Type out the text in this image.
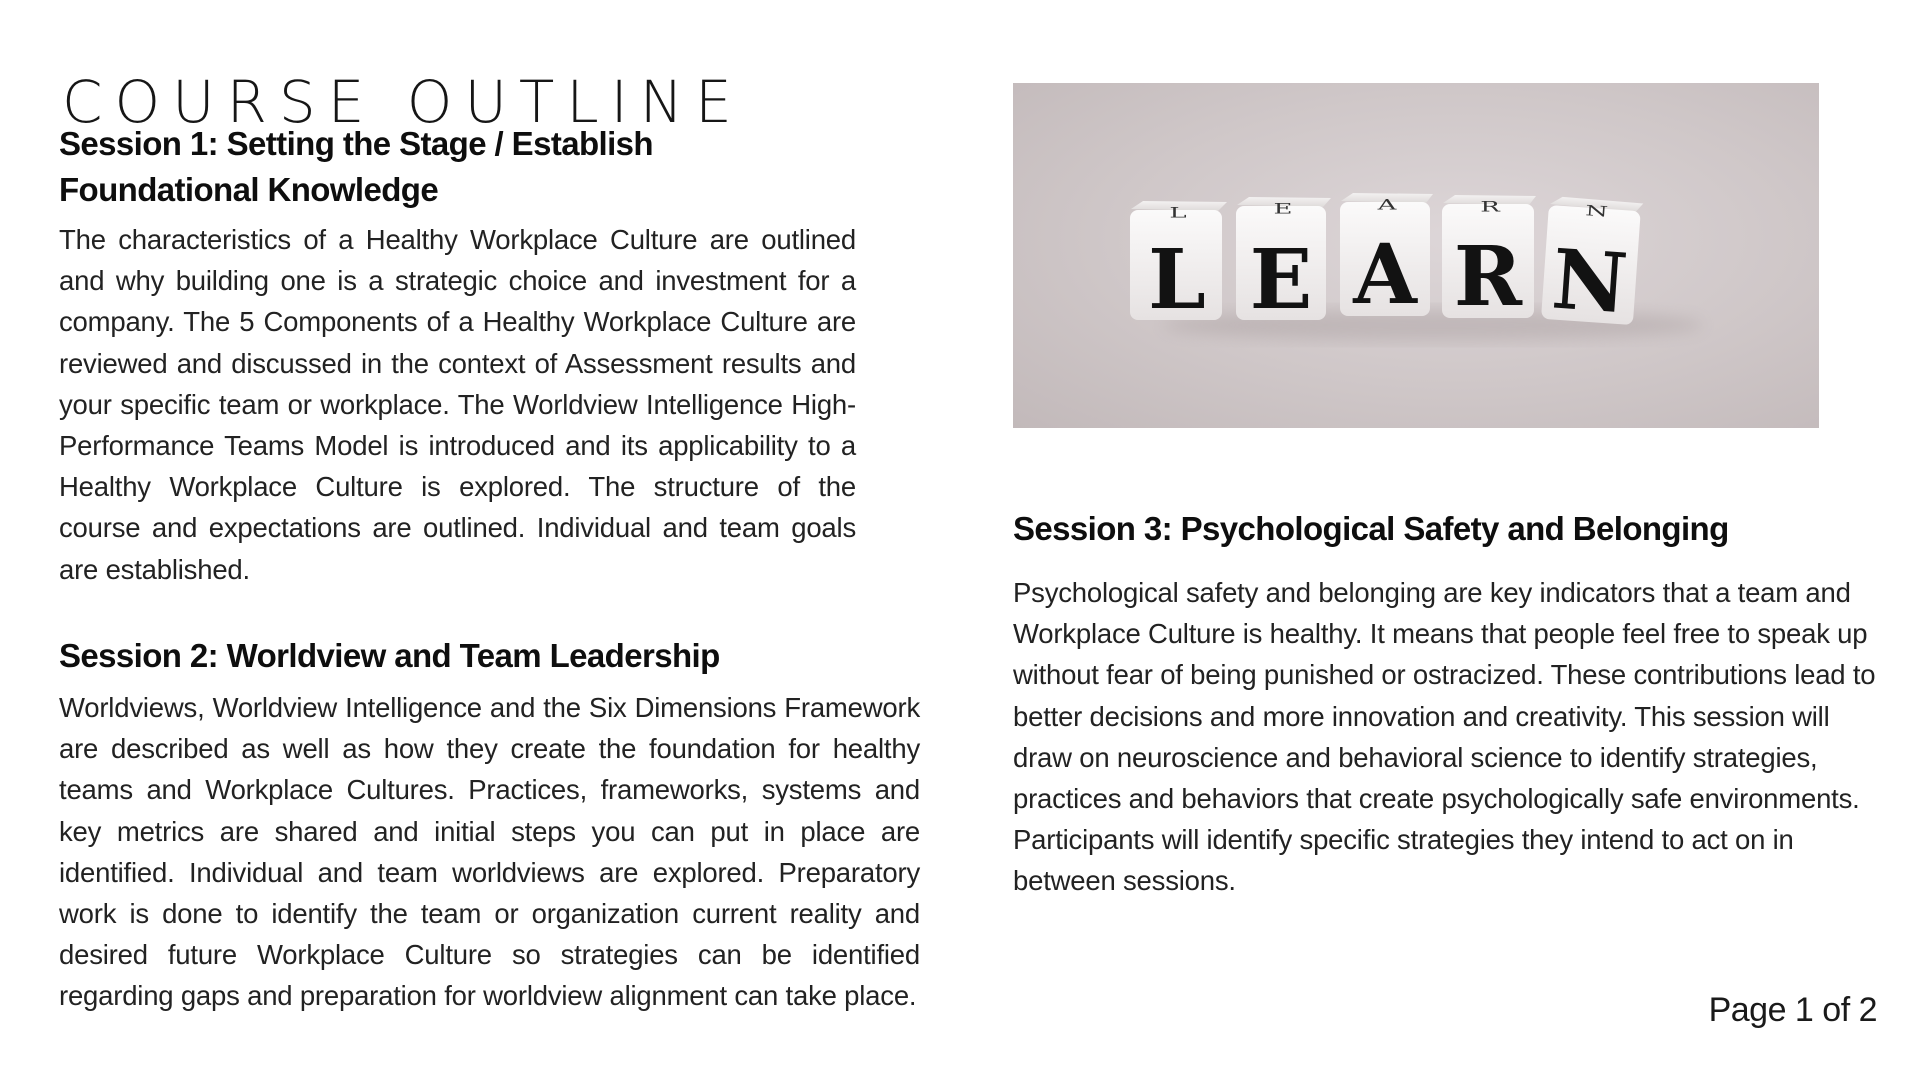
COURSE OUTLINE
Session 1: Setting the Stage / Establish Foundational Knowledge

The characteristics of a Healthy Workplace Culture are outlined and why building one is a strategic choice and investment for a company. The 5 Components of a Healthy Workplace Culture are reviewed and discussed in the context of Assessment results and your specific team or workplace. The Worldview Intelligence High-Performance Teams Model is introduced and its applicability to a Healthy Workplace Culture is explored. The structure of the course and expectations are outlined. Individual and team goals are established.

Session 2: Worldview and Team Leadership

Worldviews, Worldview Intelligence and the Six Dimensions Framework are described as well as how they create the foundation for healthy teams and Workplace Cultures. Practices, frameworks, systems and key metrics are shared and initial steps you can put in place are identified. Individual and team worldviews are explored. Preparatory work is done to identify the team or organization current reality and desired future Workplace Culture so strategies can be identified regarding gaps and preparation for worldview alignment can take place.

L
L
E
E
A
A
R
R
N
N
Session 3: Psychological Safety and Belonging

Psychological safety and belonging are key indicators that a team and Workplace Culture is healthy. It means that people feel free to speak up without fear of being punished or ostracized. These contributions lead to better decisions and more innovation and creativity. This session will draw on neuroscience and behavioral science to identify strategies, practices and behaviors that create psychologically safe environments. Participants will identify specific strategies they intend to act on in between sessions.

Page 1 of 2
